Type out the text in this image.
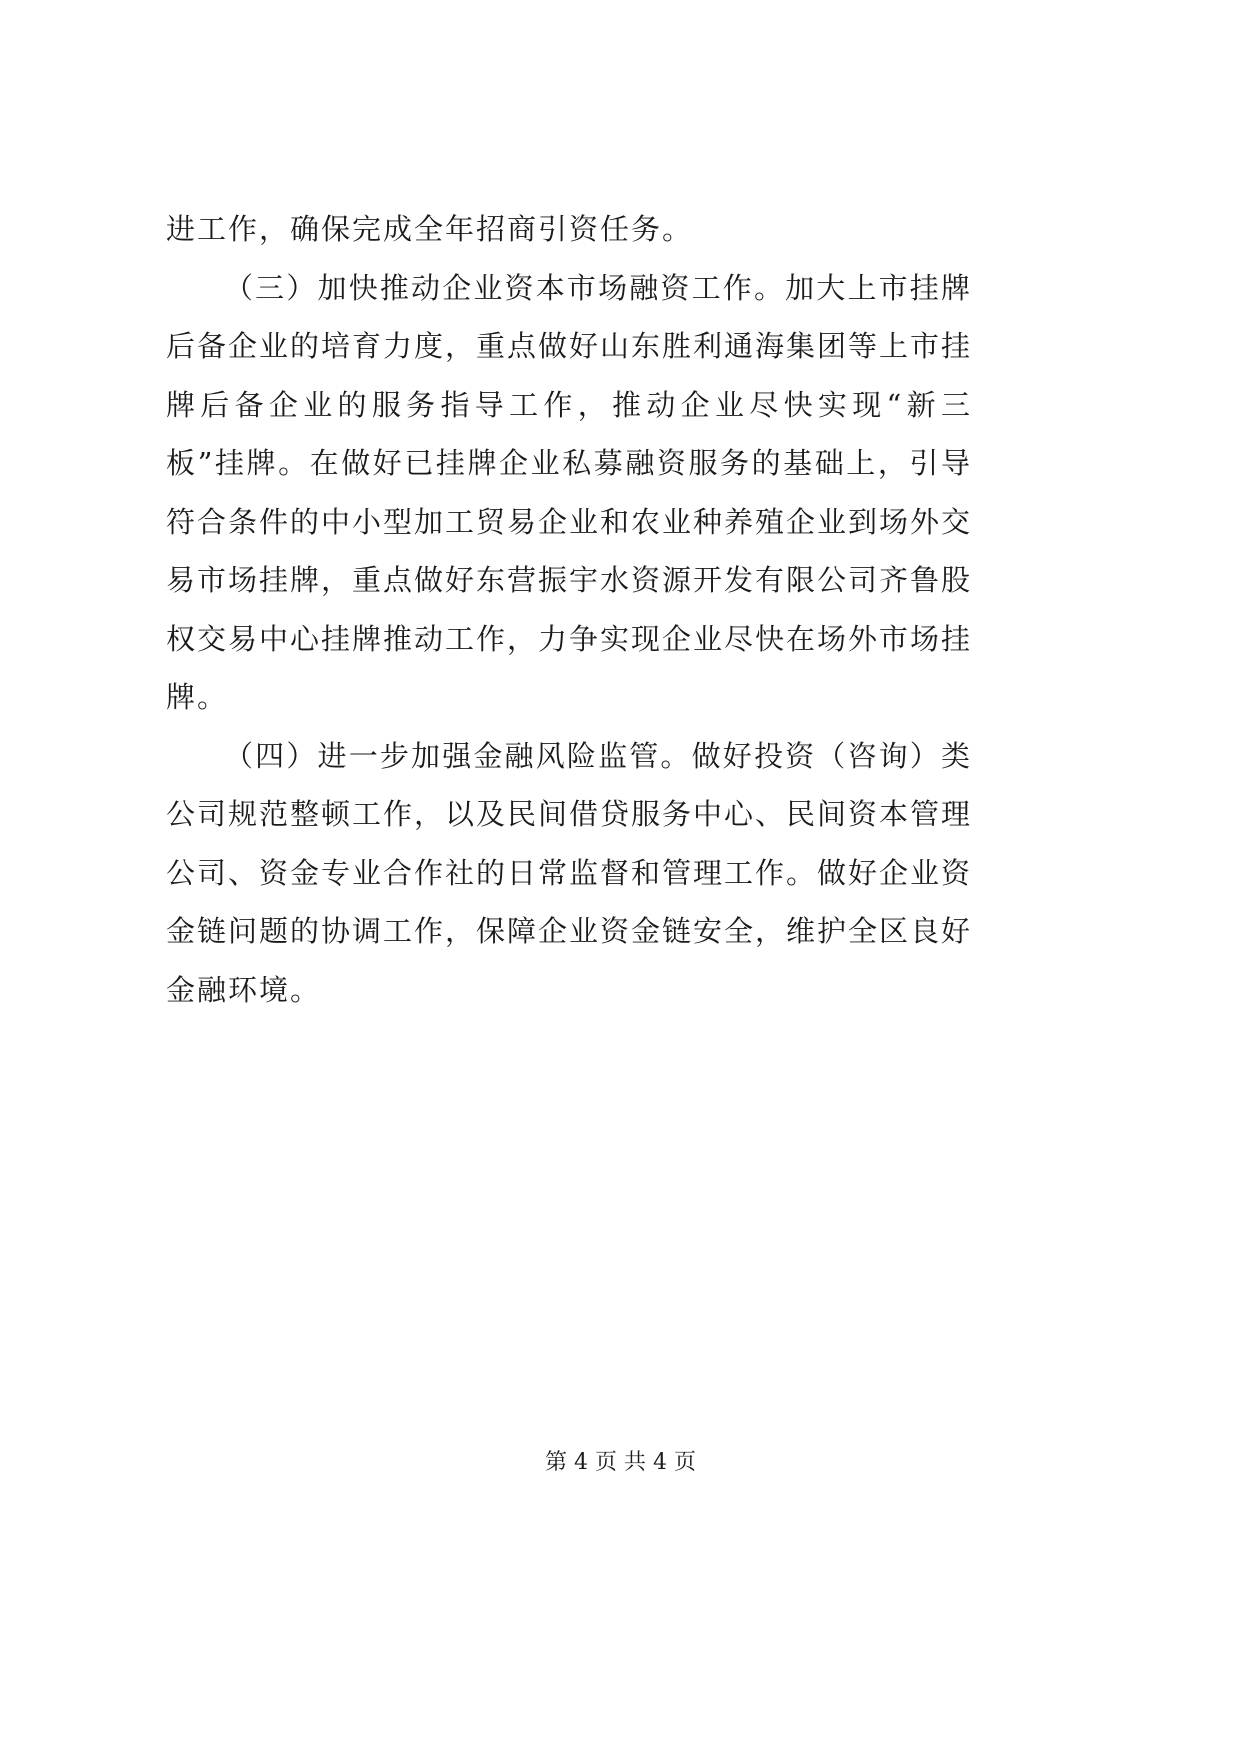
进工作，确保完成全年招商引资任务。

（三）加快推动企业资本市场融资工作。加大上市挂牌后备企业的培育力度，重点做好山东胜利通海集团等上市挂牌后备企业的服务指导工作，推动企业尽快实现“新三板”挂牌。在做好已挂牌企业私募融资服务的基础上，引导符合条件的中小型加工贸易企业和农业种养殖企业到场外交易市场挂牌，重点做好东营振宇水资源开发有限公司齐鲁股权交易中心挂牌推动工作，力争实现企业尽快在场外市场挂牌。

（四）进一步加强金融风险监管。做好投资（咨询）类公司规范整顿工作，以及民间借贷服务中心、民间资本管理公司、资金专业合作社的日常监督和管理工作。做好企业资金链问题的协调工作，保障企业资金链安全，维护全区良好金融环境。

第 4 页 共 4 页
